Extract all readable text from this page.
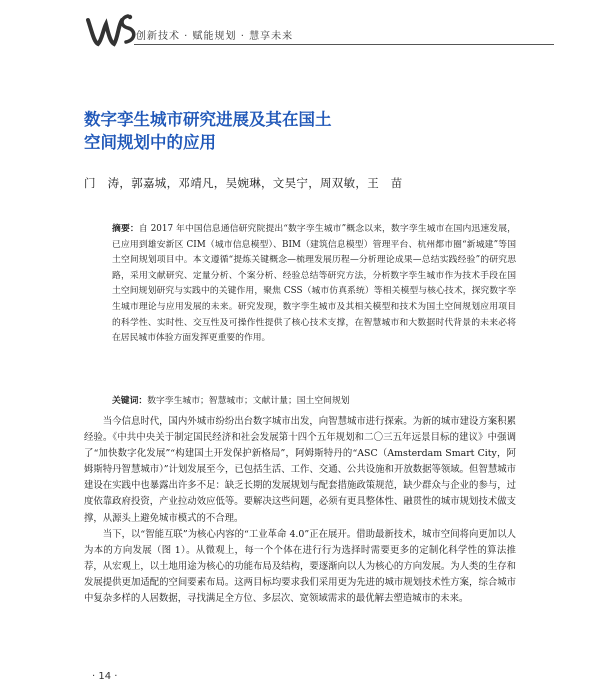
创新技术 · 赋能规划 · 慧享未来
数字孪生城市研究进展及其在国土
空间规划中的应用
门　涛，郭嘉城，邓靖凡，吴婉琳，文昊宁，周双敏，王　苗
摘要：自 2017 年中国信息通信研究院提出“数字孪生城市”概念以来，数字孪生城市在国内迅速发展，已应用到雄安新区 CIM（城市信息模型）、BIM（建筑信息模型）管理平台、杭州都市圈“新城建”等国土空间规划项目中。本文遵循“提炼关键概念—梳理发展历程—分析理论成果—总结实践经验”的研究思路，采用文献研究、定量分析、个案分析、经验总结等研究方法，分析数字孪生城市作为技术手段在国土空间规划研究与实践中的关键作用，聚焦 CSS（城市仿真系统）等相关模型与核心技术，探究数字孪生城市理论与应用发展的未来。研究发现，数字孪生城市及其相关模型和技术为国土空间规划应用项目的科学性、实时性、交互性及可操作性提供了核心技术支撑，在智慧城市和大数据时代背景的未来必将在居民城市体验方面发挥更重要的作用。
关键词：数字孪生城市；智慧城市；文献计量；国土空间规划

当今信息时代，国内外城市纷纷出台数字城市出发，向智慧城市进行探索。为新的城市建设方案积累经验。《中共中央关于制定国民经济和社会发展第十四个五年规划和二〇三五年远景目标的建议》中强调了“加快数字化发展”“构建国土开发保护新格局”，阿姆斯特丹的“ASC（Amsterdam Smart City，阿姆斯特丹智慧城市）”计划发展至今，已包括生活、工作、交通、公共设施和开放数据等领域。但智慧城市建设在实践中也暴露出许多不足：缺乏长期的发展规划与配套措施政策规范，缺少群众与企业的参与，过度依靠政府投资，产业拉动效应低等。要解决这些问题，必须有更具整体性、融贯性的城市规划技术做支撑，从源头上避免城市模式的不合理。

当下，以“智能互联”为核心内容的“工业革命 4.0”正在展开。借助最新技术，城市空间将向更加以人为本的方向发展（图 1）。从微观上，每一个个体在进行行为选择时需要更多的定制化科学性的算法推荐，从宏观上，以土地用途为核心的功能布局及结构，要逐渐向以人为核心的方向发展。为人类的生存和发展提供更加适配的空间要素布局。这两目标均要求我们采用更为先进的城市规划技术性方案，综合城市中复杂多样的人居数据，寻找满足全方位、多层次、宽领域需求的最优解去塑造城市的未来。

· 14 ·
